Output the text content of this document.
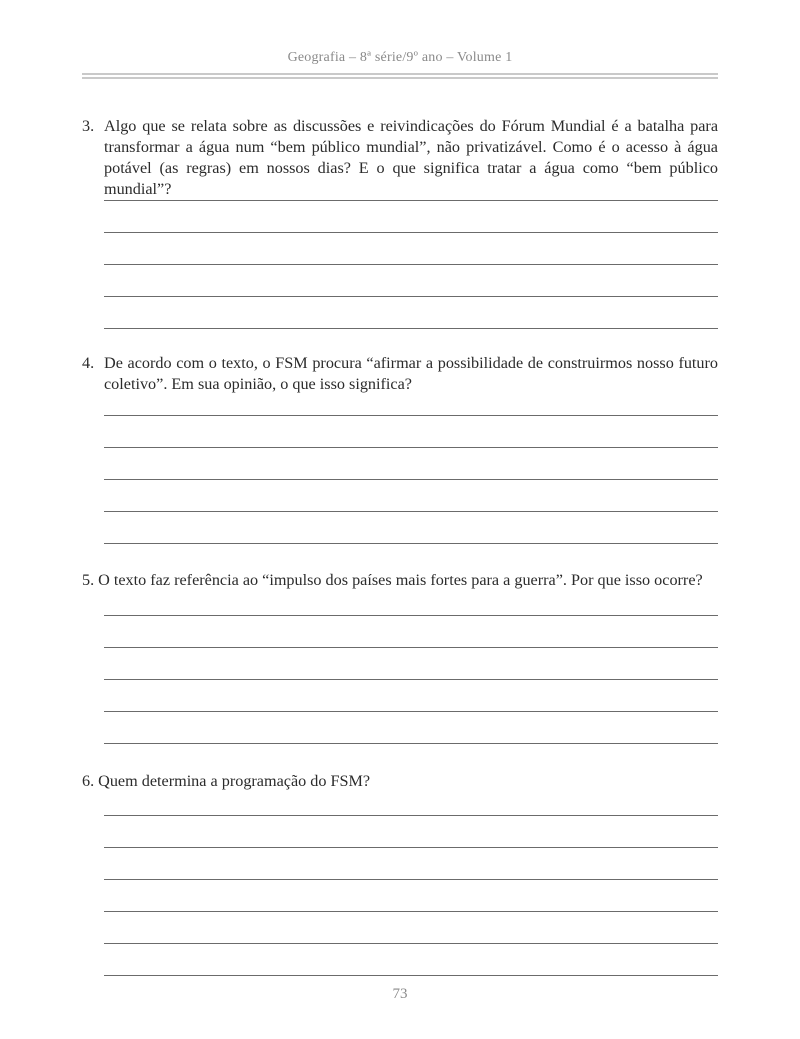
Geografia – 8ª série/9º ano – Volume 1
3. Algo que se relata sobre as discussões e reivindicações do Fórum Mundial é a batalha para transformar a água num “bem público mundial”, não privatizável. Como é o acesso à água potável (as regras) em nossos dias? E o que significa tratar a água como “bem público mundial”?
4. De acordo com o texto, o FSM procura “afirmar a possibilidade de construirmos nosso futuro coletivo”. Em sua opinião, o que isso significa?
5. O texto faz referência ao “impulso dos países mais fortes para a guerra”. Por que isso ocorre?
6. Quem determina a programação do FSM?
73
